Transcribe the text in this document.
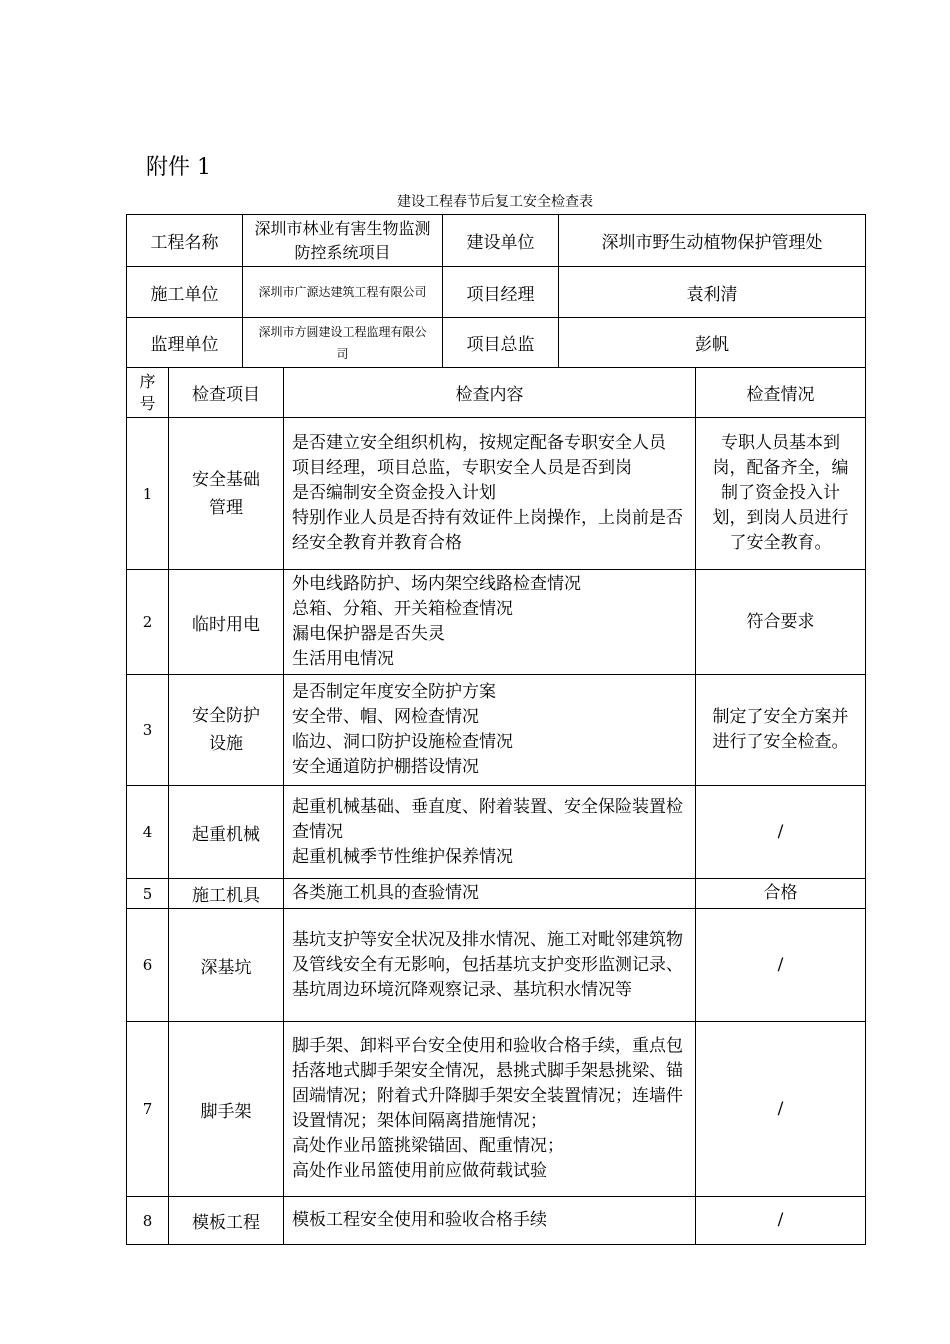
附件 1
建设工程春节后复工安全检查表
工程名称	深圳市林业有害生物监测防控系统项目	建设单位	深圳市野生动植物保护管理处
施工单位	深圳市广源达建筑工程有限公司	项目经理	袁利清
监理单位	深圳市方圆建设工程监理有限公司	项目总监	彭帆
序号	检查项目	检查内容	检查情况
1	安全基础管理	是否建立安全组织机构，按规定配备专职安全人员
项目经理，项目总监，专职安全人员是否到岗
是否编制安全资金投入计划
特别作业人员是否持有效证件上岗操作，上岗前是否经安全教育并教育合格	专职人员基本到岗，配备齐全，编制了资金投入计划，到岗人员进行了安全教育。
2	临时用电	外电线路防护、场内架空线路检查情况
总箱、分箱、开关箱检查情况
漏电保护器是否失灵
生活用电情况	符合要求
3	安全防护设施	是否制定年度安全防护方案
安全带、帽、网检查情况
临边、洞口防护设施检查情况
安全通道防护棚搭设情况	制定了安全方案并进行了安全检查。
4	起重机械	起重机械基础、垂直度、附着装置、安全保险装置检查情况
起重机械季节性维护保养情况	/
5	施工机具	各类施工机具的查验情况	合格
6	深基坑	基坑支护等安全状况及排水情况、施工对毗邻建筑物及管线安全有无影响，包括基坑支护变形监测记录、基坑周边环境沉降观察记录、基坑积水情况等	/
7	脚手架	脚手架、卸料平台安全使用和验收合格手续，重点包括落地式脚手架安全情况，悬挑式脚手架悬挑梁、锚固端情况；附着式升降脚手架安全装置情况；连墙件设置情况；架体间隔离措施情况；
高处作业吊篮挑梁锚固、配重情况；
高处作业吊篮使用前应做荷载试验	/
8	模板工程	模板工程安全使用和验收合格手续	/
